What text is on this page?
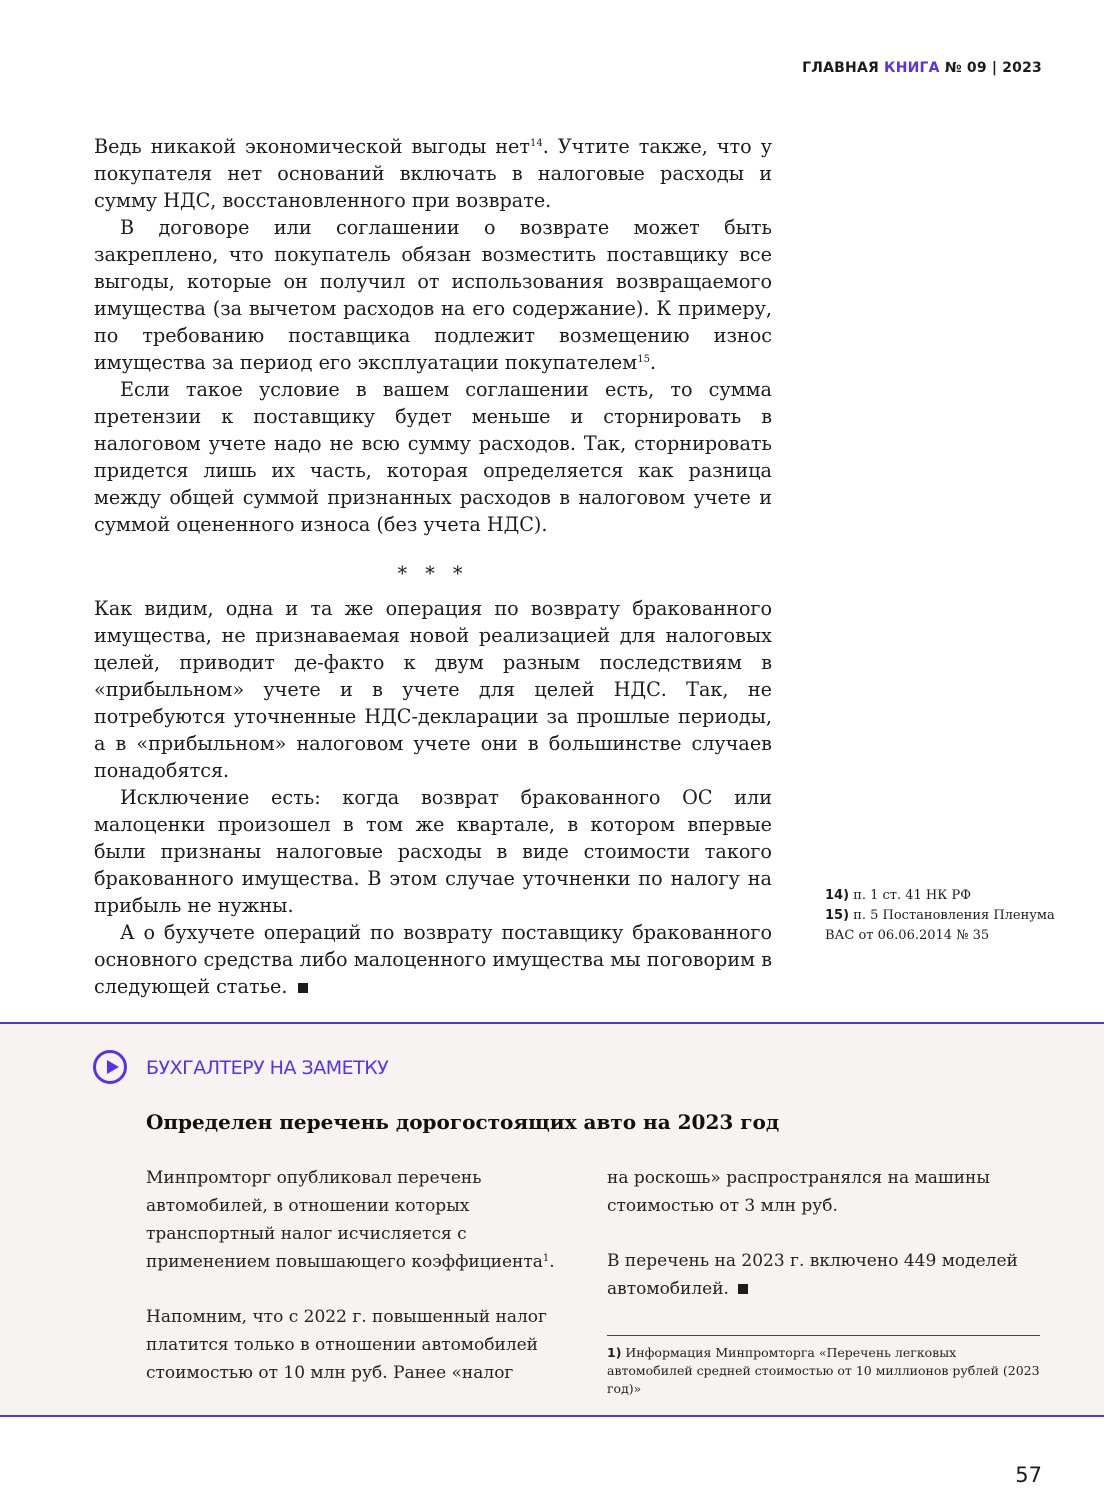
ГЛАВНАЯ КНИГА № 09 | 2023

Ведь никакой экономической выгоды нет$^{14}$. Учтите также, что у покупателя нет оснований включать в налоговые расходы и сумму НДС, восстановленного при возврате.

В договоре или соглашении о возврате может быть закреплено, что покупатель обязан возместить поставщику все выгоды, которые он получил от использования возвращаемого имущества (за вычетом расходов на его содержание). К примеру, по требованию поставщика подлежит возмещению износ имущества за период его эксплуатации покупателем$^{15}$.

Если такое условие в вашем соглашении есть, то сумма претензии к поставщику будет меньше и сторнировать в налоговом учете надо не всю сумму расходов. Так, сторнировать придется лишь их часть, которая определяется как разница между общей суммой признанных расходов в налоговом учете и суммой оцененного износа (без учета НДС).

* * *

Как видим, одна и та же операция по возврату бракованного имущества, не признаваемая новой реализацией для налоговых целей, приводит де-факто к двум разным последствиям в «прибыльном» учете и в учете для целей НДС. Так, не потребуются уточненные НДС-декларации за прошлые периоды, а в «прибыльном» налоговом учете они в большинстве случаев понадобятся.

Исключение есть: когда возврат бракованного ОС или малоценки произошел в том же квартале, в котором впервые были признаны налоговые расходы в виде стоимости такого бракованного имущества. В этом случае уточненки по налогу на прибыль не нужны.

А о бухучете операций по возврату поставщику бракованного основного средства либо малоценного имущества мы поговорим в следующей статье.

14) п. 1 ст. 41 НК РФ
15) п. 5 Постановления Пленума ВАС от 06.06.2014 № 35
БУХГАЛТЕРУ НА ЗАМЕТКУ
Определен перечень дорогостоящих авто на 2023 год

Минпромторг опубликовал перечень автомобилей, в отношении которых транспортный налог исчисляется с применением повышающего коэффициента$^1$.

Напомним, что с 2022 г. повышенный налог платится только в отношении автомобилей стоимостью от 10 млн руб. Ранее «налог

на роскошь» распространялся на машины стоимостью от 3 млн руб.

В перечень на 2023 г. включено 449 моделей автомобилей.

1) Информация Минпромторга «Перечень легковых автомобилей средней стоимостью от 10 миллионов рублей (2023 год)»
57
